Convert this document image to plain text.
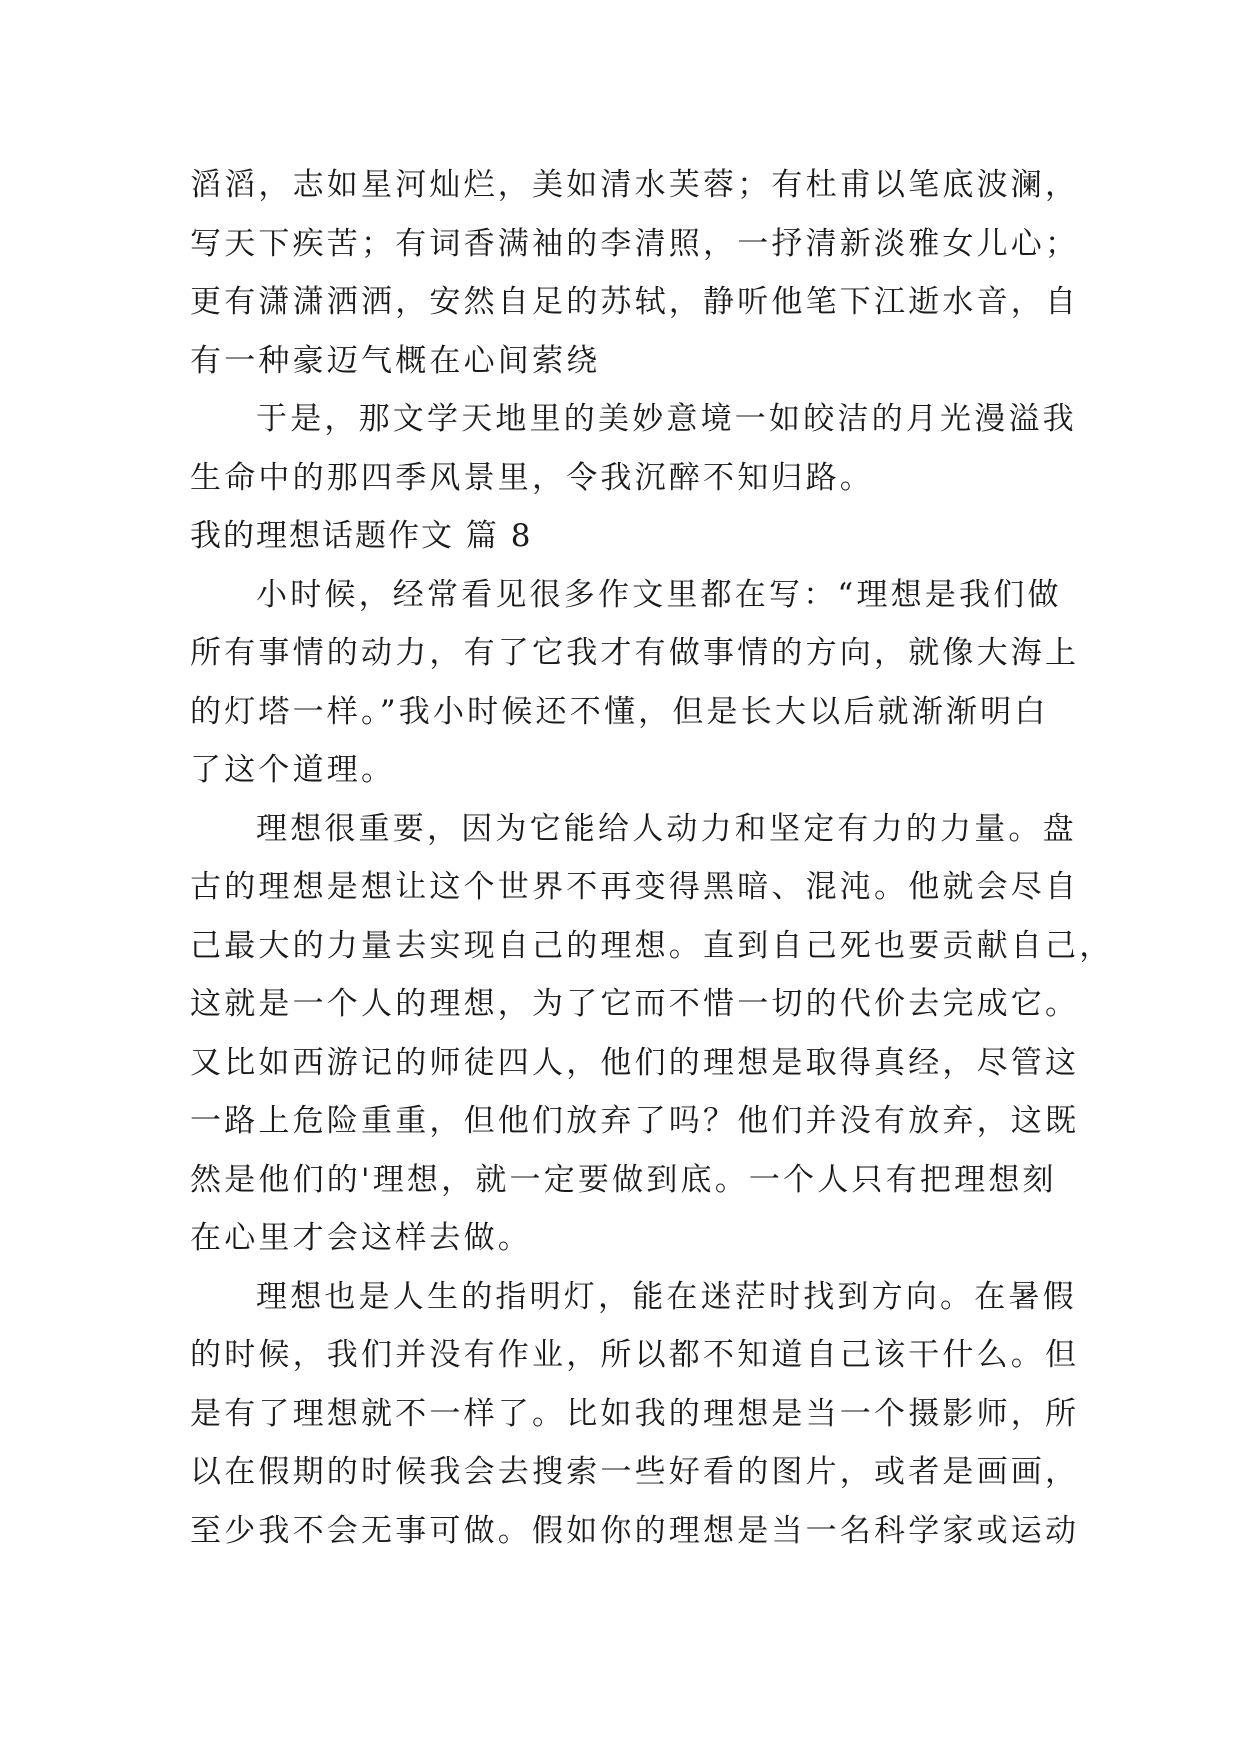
滔滔，志如星河灿烂，美如清水芙蓉；有杜甫以笔底波澜，
写天下疾苦；有词香满袖的李清照，一抒清新淡雅女儿心；
更有潇潇洒洒，安然自足的苏轼，静听他笔下江逝水音，自
有一种豪迈气概在心间萦绕
于是，那文学天地里的美妙意境一如皎洁的月光漫溢我
生命中的那四季风景里，令我沉醉不知归路。
我的理想话题作文 篇 8
小时候，经常看见很多作文里都在写：“理想是我们做
所有事情的动力，有了它我才有做事情的方向，就像大海上
的灯塔一样。”我小时候还不懂，但是长大以后就渐渐明白
了这个道理。
理想很重要，因为它能给人动力和坚定有力的力量。盘
古的理想是想让这个世界不再变得黑暗、混沌。他就会尽自
己最大的力量去实现自己的理想。直到自己死也要贡献自己，
这就是一个人的理想，为了它而不惜一切的代价去完成它。
又比如西游记的师徒四人，他们的理想是取得真经，尽管这
一路上危险重重，但他们放弃了吗？他们并没有放弃，这既
然是他们的'理想，就一定要做到底。一个人只有把理想刻
在心里才会这样去做。
理想也是人生的指明灯，能在迷茫时找到方向。在暑假
的时候，我们并没有作业，所以都不知道自己该干什么。但
是有了理想就不一样了。比如我的理想是当一个摄影师，所
以在假期的时候我会去搜索一些好看的图片，或者是画画，
至少我不会无事可做。假如你的理想是当一名科学家或运动
